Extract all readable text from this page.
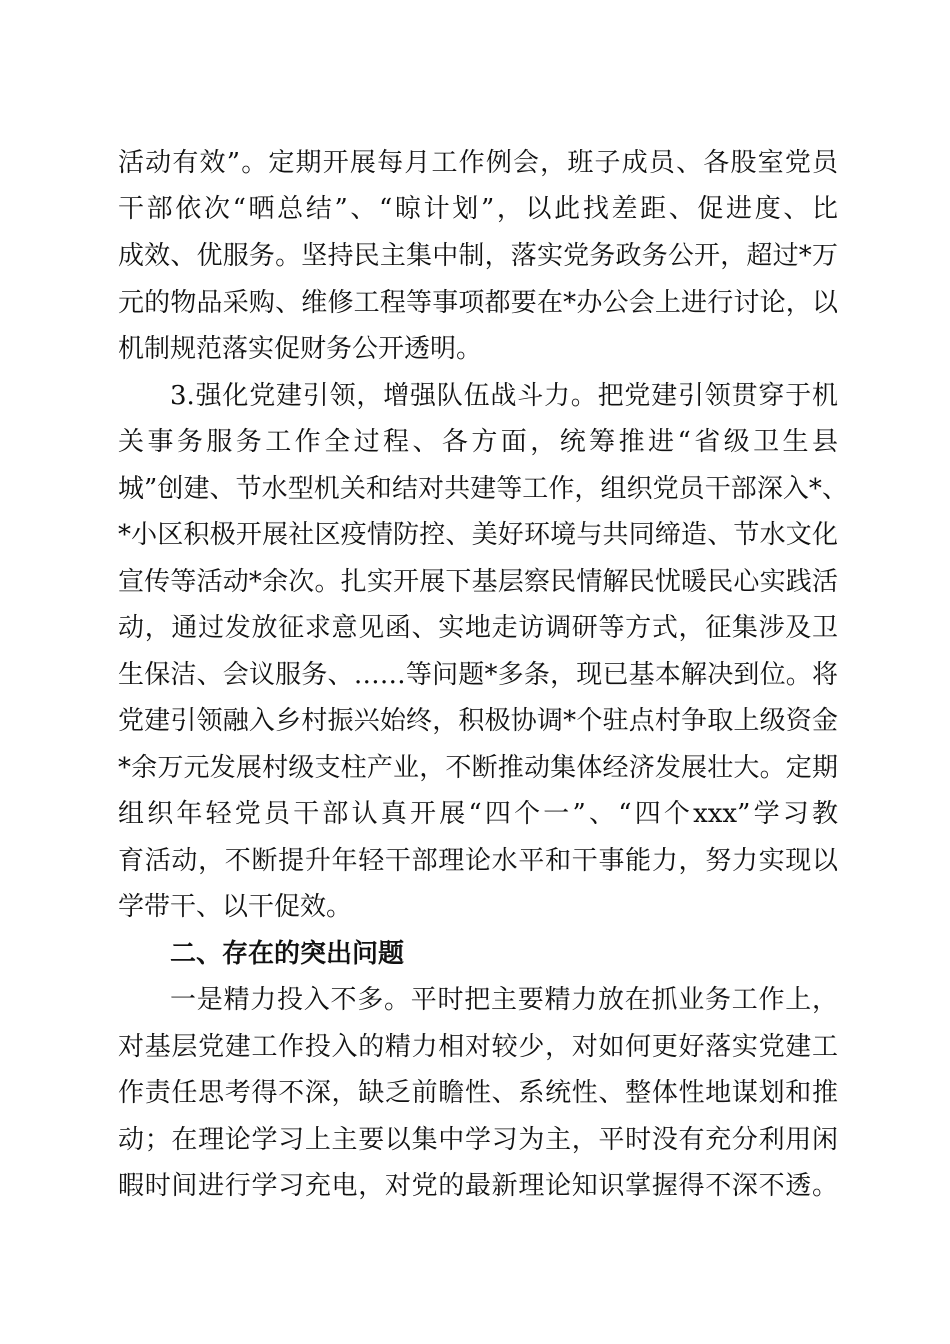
活动有效”。定期开展每月工作例会，班子成员、各股室党员
干部依次“晒总结”、“晾计划”，以此找差距、促进度、比
成效、优服务。坚持民主集中制，落实党务政务公开，超过*万
元的物品采购、维修工程等事项都要在*办公会上进行讨论，以
机制规范落实促财务公开透明。
3.强化党建引领，增强队伍战斗力。把党建引领贯穿于机
关事务服务工作全过程、各方面，统筹推进“省级卫生县
城”创建、节水型机关和结对共建等工作，组织党员干部深入*、
*小区积极开展社区疫情防控、美好环境与共同缔造、节水文化
宣传等活动*余次。扎实开展下基层察民情解民忧暖民心实践活
动，通过发放征求意见函、实地走访调研等方式，征集涉及卫
生保洁、会议服务、……等问题*多条，现已基本解决到位。将
党建引领融入乡村振兴始终，积极协调*个驻点村争取上级资金
*余万元发展村级支柱产业，不断推动集体经济发展壮大。定期
组织年轻党员干部认真开展“四个一”、“四个xxx”学习教
育活动，不断提升年轻干部理论水平和干事能力，努力实现以
学带干、以干促效。
二、存在的突出问题
一是精力投入不多。平时把主要精力放在抓业务工作上，
对基层党建工作投入的精力相对较少，对如何更好落实党建工
作责任思考得不深，缺乏前瞻性、系统性、整体性地谋划和推
动；在理论学习上主要以集中学习为主，平时没有充分利用闲
暇时间进行学习充电，对党的最新理论知识掌握得不深不透。
